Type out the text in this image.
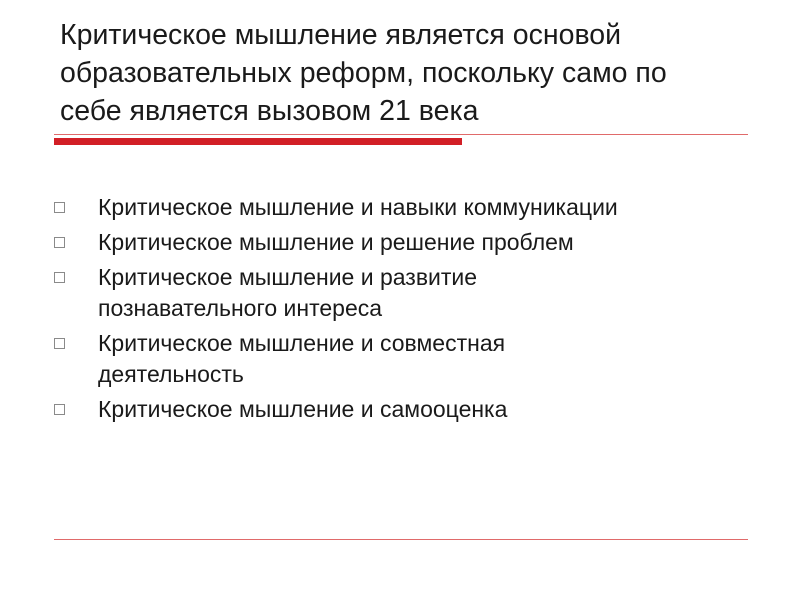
Критическое мышление является основой
образовательных реформ, поскольку само по
себе является вызовом 21 века
Критическое мышление и навыки коммуникации
Критическое мышление и решение проблем
Критическое мышление и развитие
познавательного интереса
Критическое мышление и совместная
деятельность
Критическое мышление и самооценка
